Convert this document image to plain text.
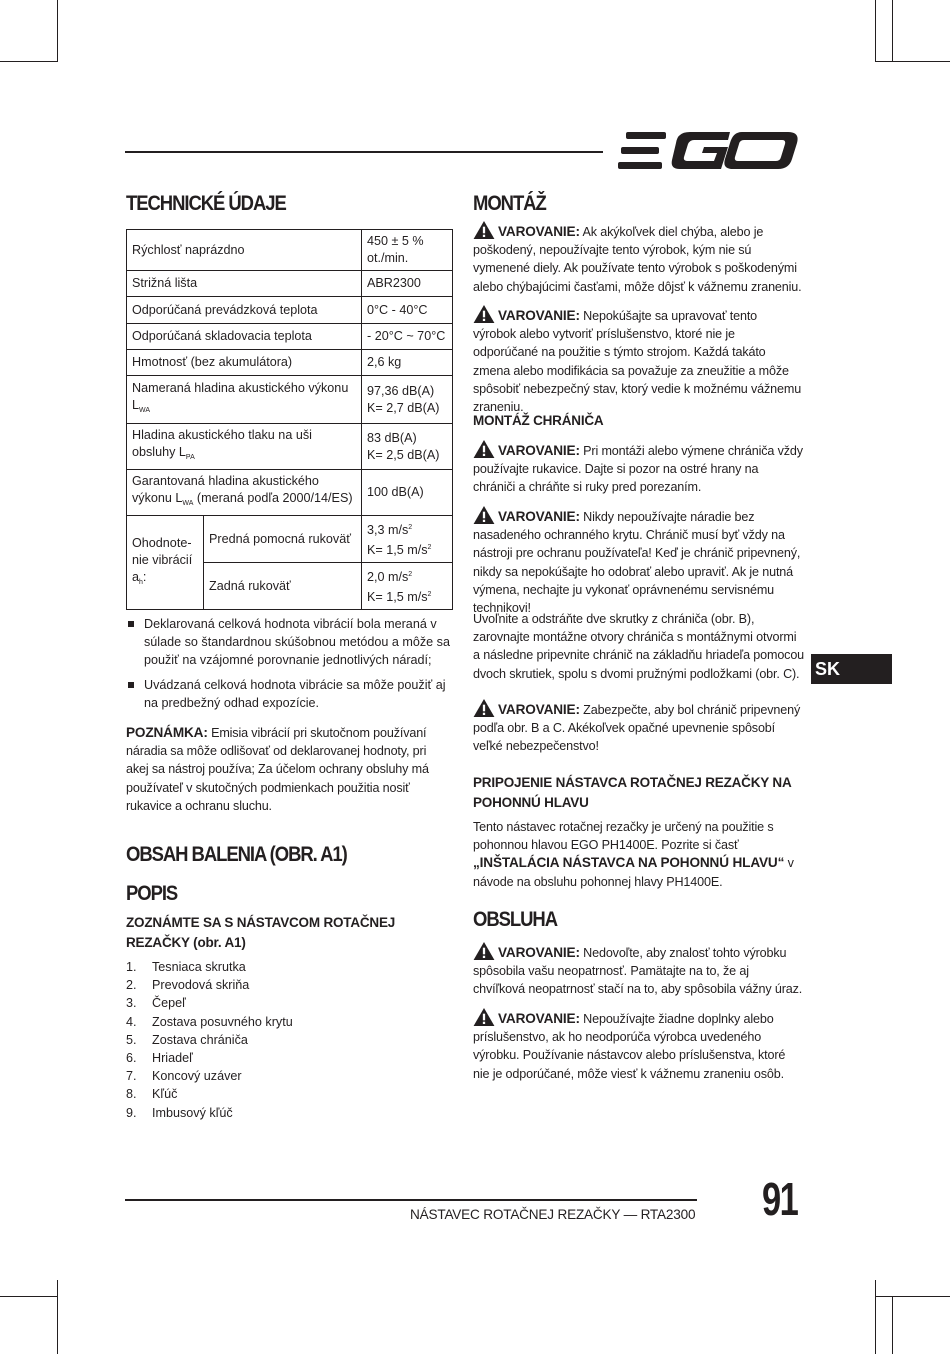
TECHNICKÉ ÚDAJE
Rýchlosť naprázdno		450 ± 5 % ot./min.
Strižná lišta		ABR2300
Odporúčaná prevádzková teplota		0°C - 40°C
Odporúčaná skladovacia teplota		- 20°C ~ 70°C
Hmotnosť (bez akumulátora)		2,6 kg
Nameraná hladina akustického výkonu $L_{WA}$		97,36 dB(A)
K= 2,7 dB(A)
Hladina akustického tlaku na uši obsluhy $L_{PA}$		83 dB(A)
K= 2,5 dB(A)
Garantovaná hladina akustického výkonu $L_{WA}$ (meraná podľa 2000/14/ES)		100 dB(A)
Ohodnote-
nie vibrácií
$a_h$:	Predná pomocná rukoväť	3,3 $m/s^2$
K= 1,5 $m/s^2$
	Zadná rukoväť	2,0 $m/s^2$
K= 1,5 $m/s^2$
Deklarovaná celková hodnota vibrácií bola meraná v súlade so štandardnou skúšobnou metódou a môže sa použiť na vzájomné porovnanie jednotlivých náradí;
Uvádzaná celková hodnota vibrácie sa môže použiť aj na predbežný odhad expozície.

POZNÁMKA: Emisia vibrácií pri skutočnom používaní náradia sa môže odlišovať od deklarovanej hodnoty, pri akej sa nástroj používa; Za účelom ochrany obsluhy má používateľ v skutočných podmienkach použitia nosiť rukavice a ochranu sluchu.

OBSAH BALENIA (OBR. A1)
POPIS

ZOZNÁMTE SA S NÁSTAVCOM ROTAČNEJ REZAČKY (obr. A1)

1.	Tesniaca skrutka
2.	Prevodová skriňa
3.	Čepeľ
4.	Zostava posuvného krytu
5.	Zostava chrániča
6.	Hriadeľ
7.	Koncový uzáver
8.	Kľúč
9.	Imbusový kľúč
MONTÁŽ

VAROVANIE: Ak akýkoľvek diel chýba, alebo je poškodený, nepoužívajte tento výrobok, kým nie sú vymenené diely. Ak používate tento výrobok s poškodenými alebo chýbajúcimi časťami, môže dôjsť k vážnemu zraneniu.

VAROVANIE: Nepokúšajte sa upravovať tento výrobok alebo vytvoriť príslušenstvo, ktoré nie je odporúčané na použitie s týmto strojom. Každá takáto zmena alebo modifikácia sa považuje za zneužitie a môže spôsobiť nebezpečný stav, ktorý vedie k možnému vážnemu zraneniu.

MONTÁŽ CHRÁNIČA

VAROVANIE: Pri montáži alebo výmene chrániča vždy používajte rukavice. Dajte si pozor na ostré hrany na chrániči a chráňte si ruky pred porezaním.

VAROVANIE: Nikdy nepoužívajte náradie bez nasadeného ochranného krytu. Chránič musí byť vždy na nástroji pre ochranu používateľa! Keď je chránič pripevnený, nikdy sa nepokúšajte ho odobrať alebo upraviť. Ak je nutná výmena, nechajte ju vykonať oprávnenému servisnému technikovi!

Uvoľnite a odstráňte dve skrutky z chrániča (obr. B), zarovnajte montážne otvory chrániča s montážnymi otvormi a následne pripevnite chránič na základňu hriadeľa pomocou dvoch skrutiek, spolu s dvomi pružnými podložkami (obr. C).

VAROVANIE: Zabezpečte, aby bol chránič pripevnený podľa obr. B a C. Akékoľvek opačné upevnenie spôsobí veľké nebezpečenstvo!

PRIPOJENIE NÁSTAVCA ROTAČNEJ REZAČKY NA POHONNÚ HLAVU

Tento nástavec rotačnej rezačky je určený na použitie s pohonnou hlavou EGO PH1400E. Pozrite si časť „INŠTALÁCIA NÁSTAVCA NA POHONNÚ HLAVU“ v návode na obsluhu pohonnej hlavy PH1400E.

OBSLUHA

VAROVANIE: Nedovoľte, aby znalosť tohto výrobku spôsobila vašu neopatrnosť. Pamätajte na to, že aj chvíľková neopatrnosť stačí na to, aby spôsobila vážny úraz.

VAROVANIE: Nepoužívajte žiadne doplnky alebo príslušenstvo, ak ho neodporúča výrobca uvedeného výrobku. Používanie nástavcov alebo príslušenstva, ktoré nie je odporúčané, môže viesť k vážnemu zraneniu osôb.

SK
NÁSTAVEC ROTAČNEJ REZAČKY — RTA2300 91
